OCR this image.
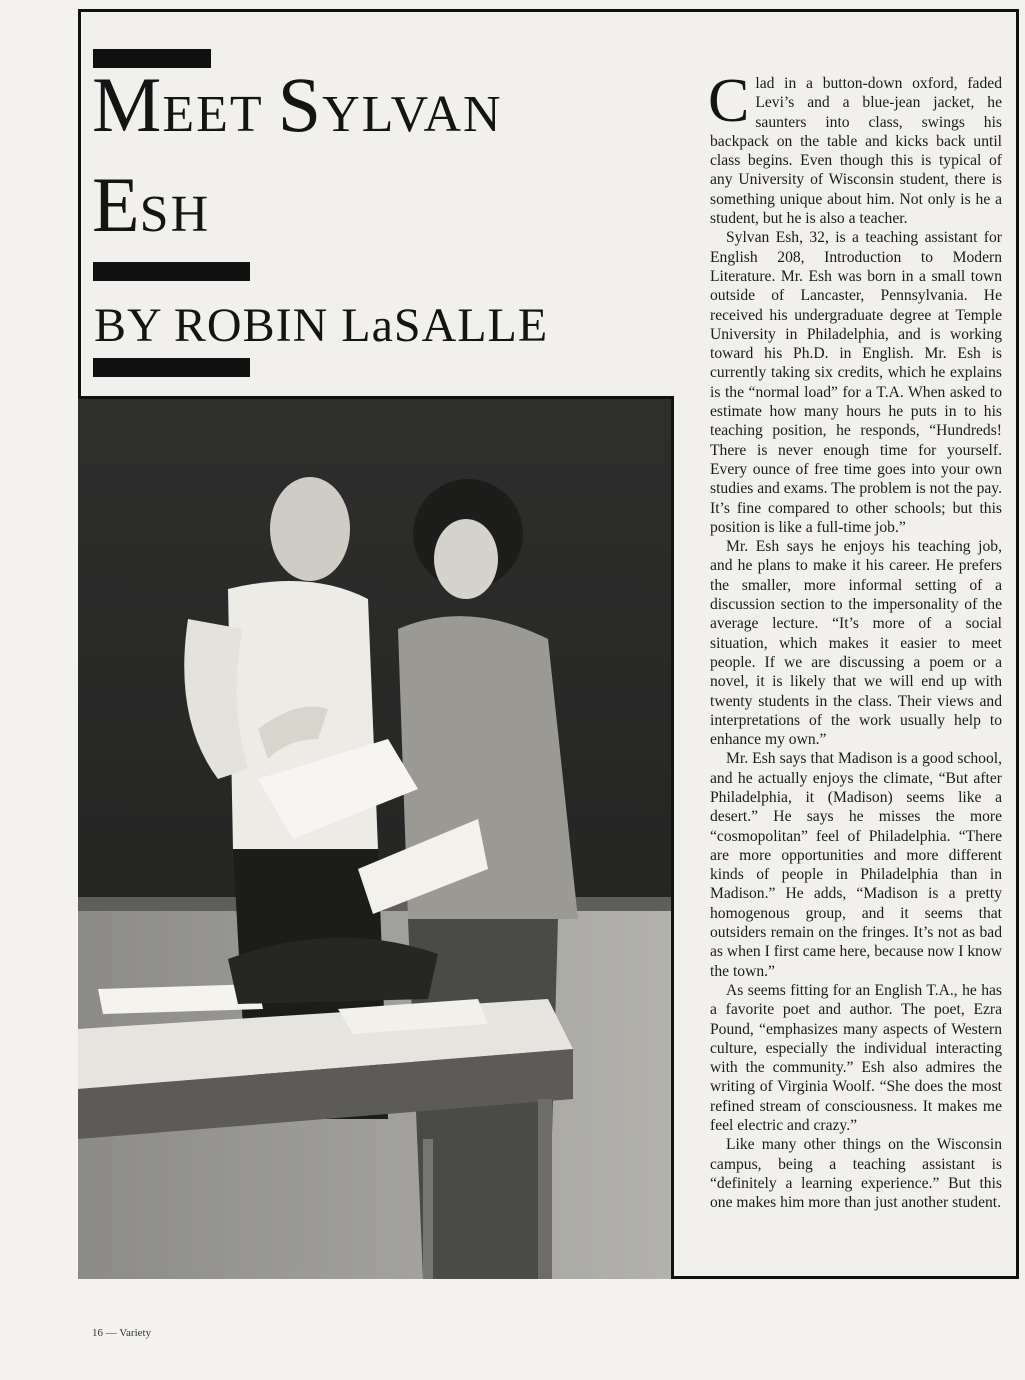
MEET SYLVAN
ESH
BY ROBIN LaSALLE

Clad in a button-down oxford, faded Levi’s and a blue-jean jacket, he saunters into class, swings his backpack on the table and kicks back until class begins. Even though this is typical of any University of Wisconsin student, there is something unique about him. Not only is he a student, but he is also a teacher.

Sylvan Esh, 32, is a teaching assistant for English 208, Introduction to Modern Literature. Mr. Esh was born in a small town outside of Lancaster, Pennsylvania. He received his undergraduate degree at Temple University in Philadelphia, and is working toward his Ph.D. in English. Mr. Esh is currently taking six credits, which he explains is the “normal load” for a T.A. When asked to estimate how many hours he puts in to his teaching position, he responds, “Hundreds! There is never enough time for yourself. Every ounce of free time goes into your own studies and exams. The problem is not the pay. It’s fine compared to other schools; but this position is like a full-time job.”

Mr. Esh says he enjoys his teaching job, and he plans to make it his career. He prefers the smaller, more informal setting of a discussion section to the impersonality of the average lecture. “It’s more of a social situation, which makes it easier to meet people. If we are discussing a poem or a novel, it is likely that we will end up with twenty students in the class. Their views and interpretations of the work usually help to enhance my own.”

Mr. Esh says that Madison is a good school, and he actually enjoys the climate, “But after Philadelphia, it (Madison) seems like a desert.” He says he misses the more “cosmopolitan” feel of Philadelphia. “There are more opportunities and more different kinds of people in Philadelphia than in Madison.” He adds, “Madison is a pretty homogenous group, and it seems that outsiders remain on the fringes. It’s not as bad as when I first came here, because now I know the town.”

As seems fitting for an English T.A., he has a favorite poet and author. The poet, Ezra Pound, “emphasizes many aspects of Western culture, especially the individual interacting with the community.” Esh also admires the writing of Virginia Woolf. “She does the most refined stream of consciousness. It makes me feel electric and crazy.”

Like many other things on the Wisconsin campus, being a teaching assistant is “definitely a learning experience.” But this one makes him more than just another student.

16 — Variety
